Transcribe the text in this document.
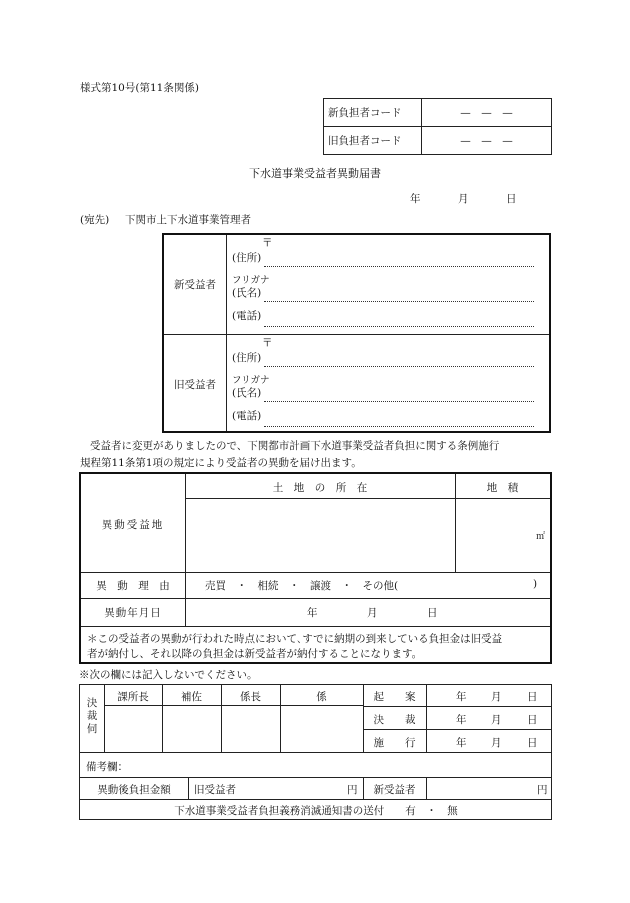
様式第10号(第11条関係)
新負担者コード	—　—　—
旧負担者コード	—　—　—
下水道事業受益者異動届書
年	月	日
(宛先) 下関市上下水道事業管理者
新受益者
〒
(住所)
フリガナ
(氏名)
(電話)
旧受益者
〒
(住所)
フリガナ
(氏名)
(電話)
受益者に変更がありましたので、下関都市計画下水道事業受益者負担に関する条例施行
規程第11条第1項の規定により受益者の異動を届け出ます。
土　地　の　所　在	地　積
異動受益地
㎡
異　動　理　由	売買　・　相続　・　譲渡　・　その他(	)
異動年月日	年	月	日
＊この受益者の異動が行われた時点において､すでに納期の到来している負担金は旧受益
者が納付し、それ以降の負担金は新受益者が納付することになります。
※次の欄には記入しないでください。
決裁伺
課所長	補佐	係長	係	起　　案	年 月 日
決　　裁	年 月 日
施　　行	年 月 日
備考欄：
異動後負担金額	旧受益者	円	新受益者	円
下水道事業受益者負担義務消滅通知書の送付　　有　・　無
